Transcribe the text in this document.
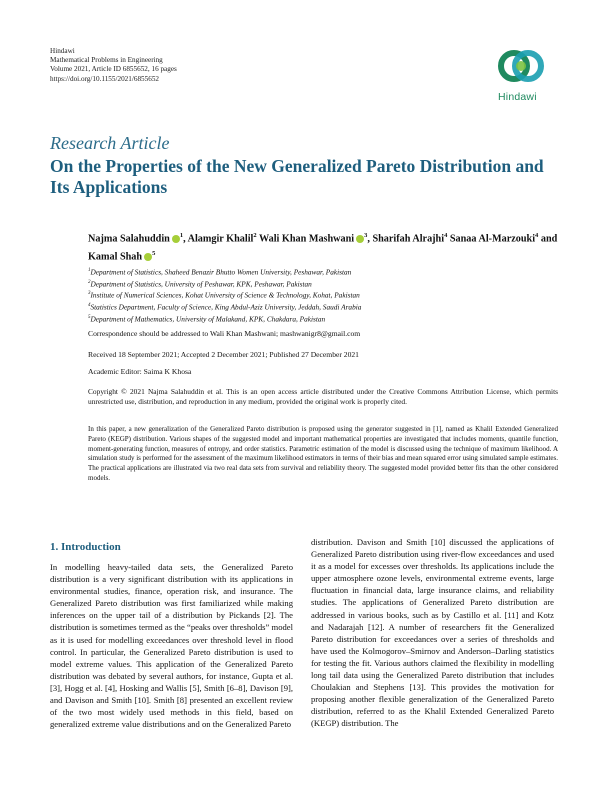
Hindawi
Mathematical Problems in Engineering
Volume 2021, Article ID 6855652, 16 pages
https://doi.org/10.1155/2021/6855652
Hindawi
Research Article
On the Properties of the New Generalized Pareto Distribution and Its Applications
Najma Salahuddin $^1$, Alamgir Khalil$^2$ Wali Khan Mashwani $^3$, Sharifah Alrajhi$^4$ Sanaa Al-Marzouki$^4$ and Kamal Shah $^5$
$^1$Department of Statistics, Shaheed Benazir Bhutto Women University, Peshawar, Pakistan
$^2$Department of Statistics, University of Peshawar, KPK, Peshawar, Pakistan
$^3$Institute of Numerical Sciences, Kohat University of Science & Technology, Kohat, Pakistan
$^4$Statistics Department, Faculty of Science, King Abdul-Aziz University, Jeddah, Saudi Arabia
$^5$Department of Mathematics, University of Malakand, KPK, Chakdara, Pakistan
Correspondence should be addressed to Wali Khan Mashwani; mashwanigr8@gmail.com
Received 18 September 2021; Accepted 2 December 2021; Published 27 December 2021
Academic Editor: Saima K Khosa
Copyright © 2021 Najma Salahuddin et al. This is an open access article distributed under the Creative Commons Attribution License, which permits unrestricted use, distribution, and reproduction in any medium, provided the original work is properly cited.
In this paper, a new generalization of the Generalized Pareto distribution is proposed using the generator suggested in [1], named as Khalil Extended Generalized Pareto (KEGP) distribution. Various shapes of the suggested model and important mathematical properties are investigated that includes moments, quantile function, moment-generating function, measures of entropy, and order statistics. Parametric estimation of the model is discussed using the technique of maximum likelihood. A simulation study is performed for the assessment of the maximum likelihood estimators in terms of their bias and mean squared error using simulated sample estimates. The practical applications are illustrated via two real data sets from survival and reliability theory. The suggested model provided better fits than the other considered models.
1. Introduction
In modelling heavy-tailed data sets, the Generalized Pareto distribution is a very significant distribution with its applications in environmental studies, finance, operation risk, and insurance. The Generalized Pareto distribution was first familiarized while making inferences on the upper tail of a distribution by Pickands [2]. The distribution is sometimes termed as the “peaks over thresholds” model as it is used for modelling exceedances over threshold level in flood control. In particular, the Generalized Pareto distribution is used to model extreme values. This application of the Generalized Pareto distribution was debated by several authors, for instance, Gupta et al. [3], Hogg et al. [4], Hosking and Wallis [5], Smith [6–8], Davison [9], and Davison and Smith [10]. Smith [8] presented an excellent review of the two most widely used methods in this field, based on generalized extreme value distributions and on the Generalized Pareto
distribution. Davison and Smith [10] discussed the applications of Generalized Pareto distribution using river-flow exceedances and used it as a model for excesses over thresholds. Its applications include the upper atmosphere ozone levels, environmental extreme events, large fluctuation in financial data, large insurance claims, and reliability studies. The applications of Generalized Pareto distribution are addressed in various books, such as by Castillo et al. [11] and Kotz and Nadarajah [12]. A number of researchers fit the Generalized Pareto distribution for exceedances over a series of thresholds and have used the Kolmogorov–Smirnov and Anderson–Darling statistics for testing the fit. Various authors claimed the flexibility in modelling long tail data using the Generalized Pareto distribution that includes Choulakian and Stephens [13]. This provides the motivation for proposing another flexible generalization of the Generalized Pareto distribution, referred to as the Khalil Extended Generalized Pareto (KEGP) distribution. The
